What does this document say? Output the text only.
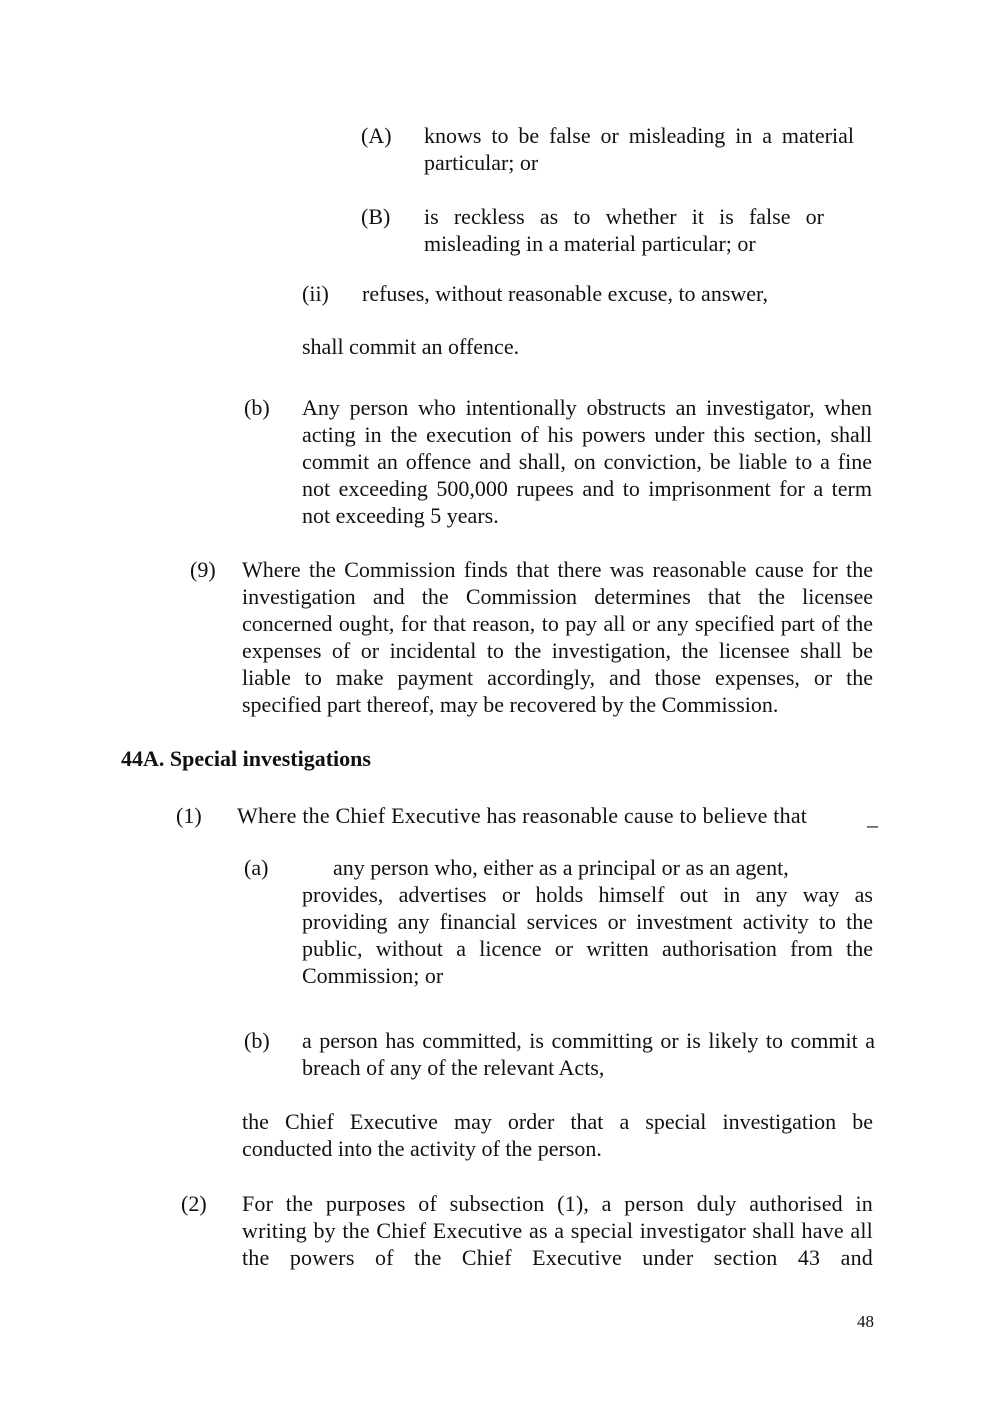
(A) knows to be false or misleading in a material particular; or

(B) is reckless as to whether it is false or misleading in a material particular; or

(ii) refuses, without reasonable excuse, to answer,

shall commit an offence.

(b) Any person who intentionally obstructs an investigator, when acting in the execution of his powers under this section, shall commit an offence and shall, on conviction, be liable to a fine not exceeding 500,000 rupees and to imprisonment for a term not exceeding 5 years.

(9) Where the Commission finds that there was reasonable cause for the investigation and the Commission determines that the licensee concerned ought, for that reason, to pay all or any specified part of the expenses of or incidental to the investigation, the licensee shall be liable to make payment accordingly, and those expenses, or the specified part thereof, may be recovered by the Commission.

44A. Special investigations
(1) Where the Chief Executive has reasonable cause to believe that	–
(a)	any person who, either as a principal or as an agent,

provides, advertises or holds himself out in any way as providing any financial services or investment activity to the public, without a licence or written authorisation from the Commission; or

(b) a person has committed, is committing or is likely to commit a breach of any of the relevant Acts,

the Chief Executive may order that a special investigation be conducted into the activity of the person.

(2) For the purposes of subsection (1), a person duly authorised in writing by the Chief Executive as a special investigator shall have all the powers of the Chief Executive under section 43 and

48
